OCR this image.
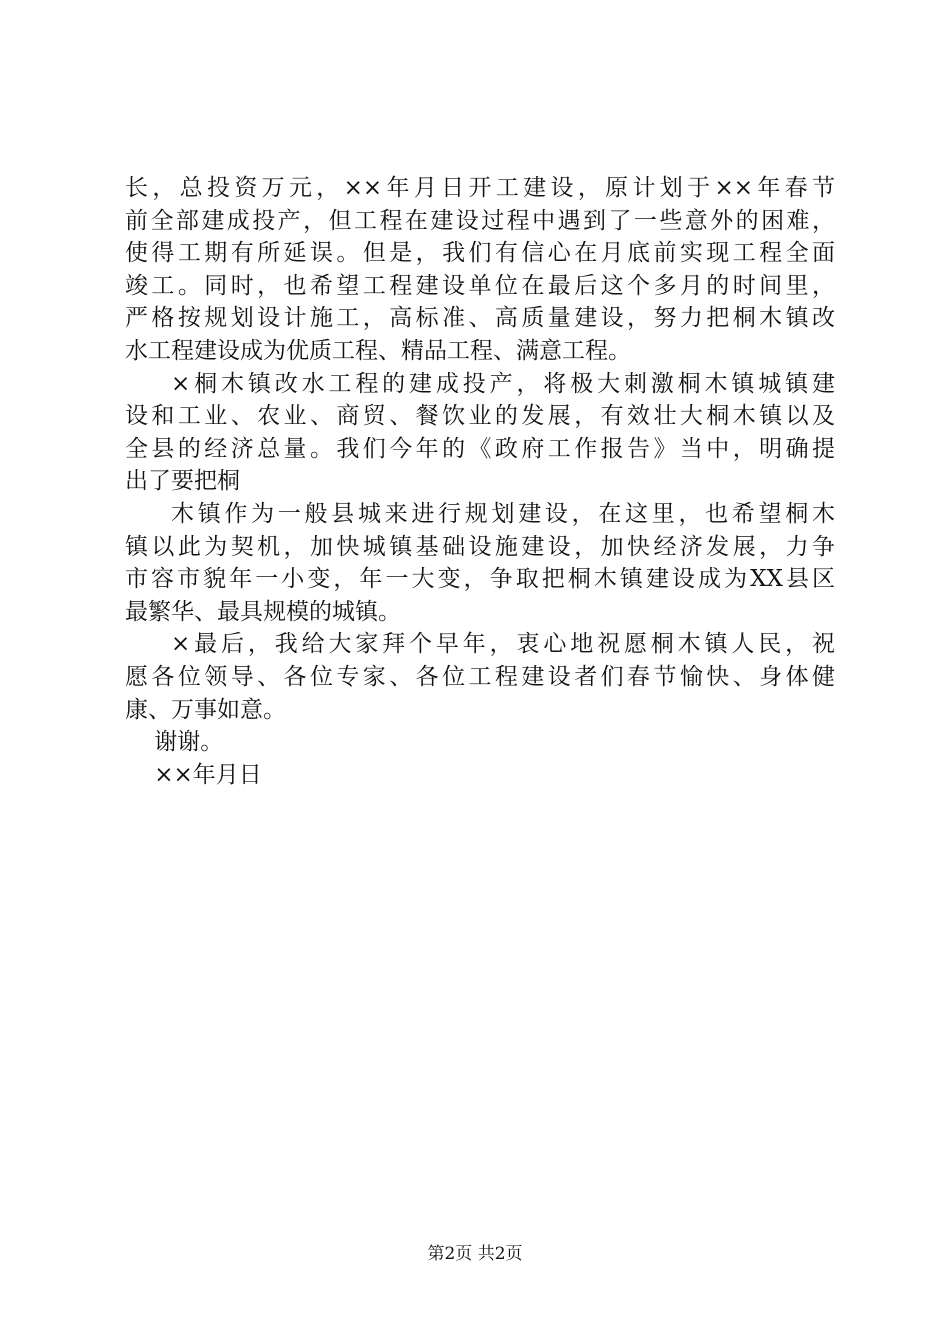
长，总投资万元，××年月日开工建设，原计划于××年春节
前全部建成投产，但工程在建设过程中遇到了一些意外的困难，
使得工期有所延误。但是，我们有信心在月底前实现工程全面
竣工。同时，也希望工程建设单位在最后这个多月的时间里，
严格按规划设计施工，高标准、高质量建设，努力把桐木镇改
水工程建设成为优质工程、精品工程、满意工程。
×桐木镇改水工程的建成投产，将极大刺激桐木镇城镇建
设和工业、农业、商贸、餐饮业的发展，有效壮大桐木镇以及
全县的经济总量。我们今年的《政府工作报告》当中，明确提
出了要把桐
木镇作为一般县城来进行规划建设，在这里，也希望桐木
镇以此为契机，加快城镇基础设施建设，加快经济发展，力争
市容市貌年一小变，年一大变，争取把桐木镇建设成为XX县区
最繁华、最具规模的城镇。
×最后，我给大家拜个早年，衷心地祝愿桐木镇人民，祝
愿各位领导、各位专家、各位工程建设者们春节愉快、身体健
康、万事如意。
谢谢。
××年月日
第2页 共2页
